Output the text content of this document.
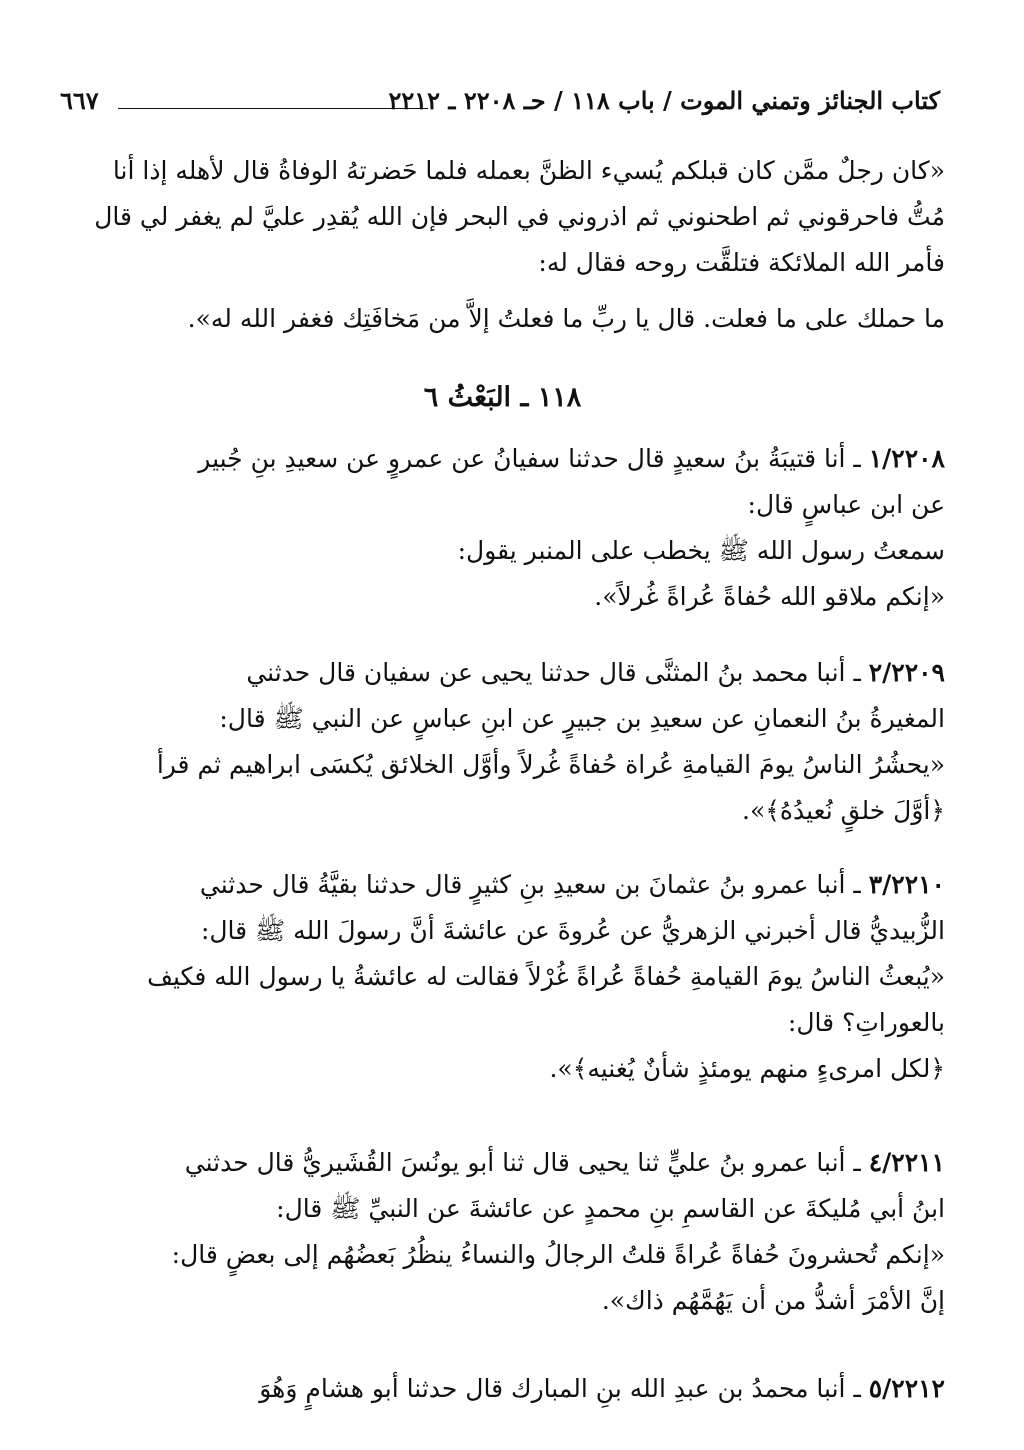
كتاب الجنائز وتمني الموت / باب ١١٨ / حـ ٢٢٠٨ ـ ٢٢١٢
٦٦٧
«كان رجلٌ ممَّن كان قبلكم يُسيء الظنَّ بعمله فلما حَضرتهُ الوفاةُ قال لأهله إذا أنا
مُتُّ فاحرقوني ثم اطحنوني ثم اذروني في البحر فإن الله يُقدِر عليَّ لم يغفر لي قال
فأمر الله الملائكة فتلقَّت روحه فقال له:
ما حملك على ما فعلت. قال يا ربِّ ما فعلتُ إلاَّ من مَخافَتِك فغفر الله له».
١١٨ ـ البَعْثُ ٦
١/٢٢٠٨ ـ أنا قتيبَةُ بنُ سعيدٍ قال حدثنا سفيانُ عن عمروٍ عن سعيدِ بنِ جُبير
عن ابن عباسٍ قال:
سمعتُ رسول الله ﷺ يخطب على المنبر يقول:
«إنكم ملاقو الله حُفاةً عُراةً غُرلاً».
٢/٢٢٠٩ ـ أنبا محمد بنُ المثنَّى قال حدثنا يحيى عن سفيان قال حدثني
المغيرةُ بنُ النعمانِ عن سعيدِ بن جبيرٍ عن ابنِ عباسٍ عن النبي ﷺ قال:
«يحشُرُ الناسُ يومَ القيامةِ عُراة حُفاةً غُرلاً وأوَّل الخلائق يُكسَى ابراهيم ثم قرأ
﴿أوَّلَ خلقٍ نُعيدُهُ﴾».
٣/٢٢١٠ ـ أنبا عمرو بنُ عثمانَ بن سعيدِ بنِ كثيرٍ قال حدثنا بقيَّةُ قال حدثني
الزُّبيديُّ قال أخبرني الزهريُّ عن عُروةَ عن عائشةَ أنَّ رسولَ الله ﷺ قال:
«يُبعثُ الناسُ يومَ القيامةِ حُفاةً عُراةً غُرْلاً فقالت له عائشةُ يا رسول الله فكيف
بالعوراتِ؟ قال:
﴿لكل امرىءٍ منهم يومئذٍ شأنٌ يُغنيه﴾».
٤/٢٢١١ ـ أنبا عمرو بنُ عليٍّ ثنا يحيى قال ثنا أبو يونُسَ القُشَيريُّ قال حدثني
ابنُ أبي مُليكةَ عن القاسمِ بنِ محمدٍ عن عائشةَ عن النبيِّ ﷺ قال:
«إنكم تُحشرونَ حُفاةً عُراةً قلتُ الرجالُ والنساءُ ينظُرُ بَعضُهُم إلى بعضٍ قال:
إنَّ الأمْرَ أشدُّ من أن يَهُمَّهُم ذاك».
٥/٢٢١٢ ـ أنبا محمدُ بن عبدِ الله بنِ المبارك قال حدثنا أبو هشامٍ وَهُوَ
